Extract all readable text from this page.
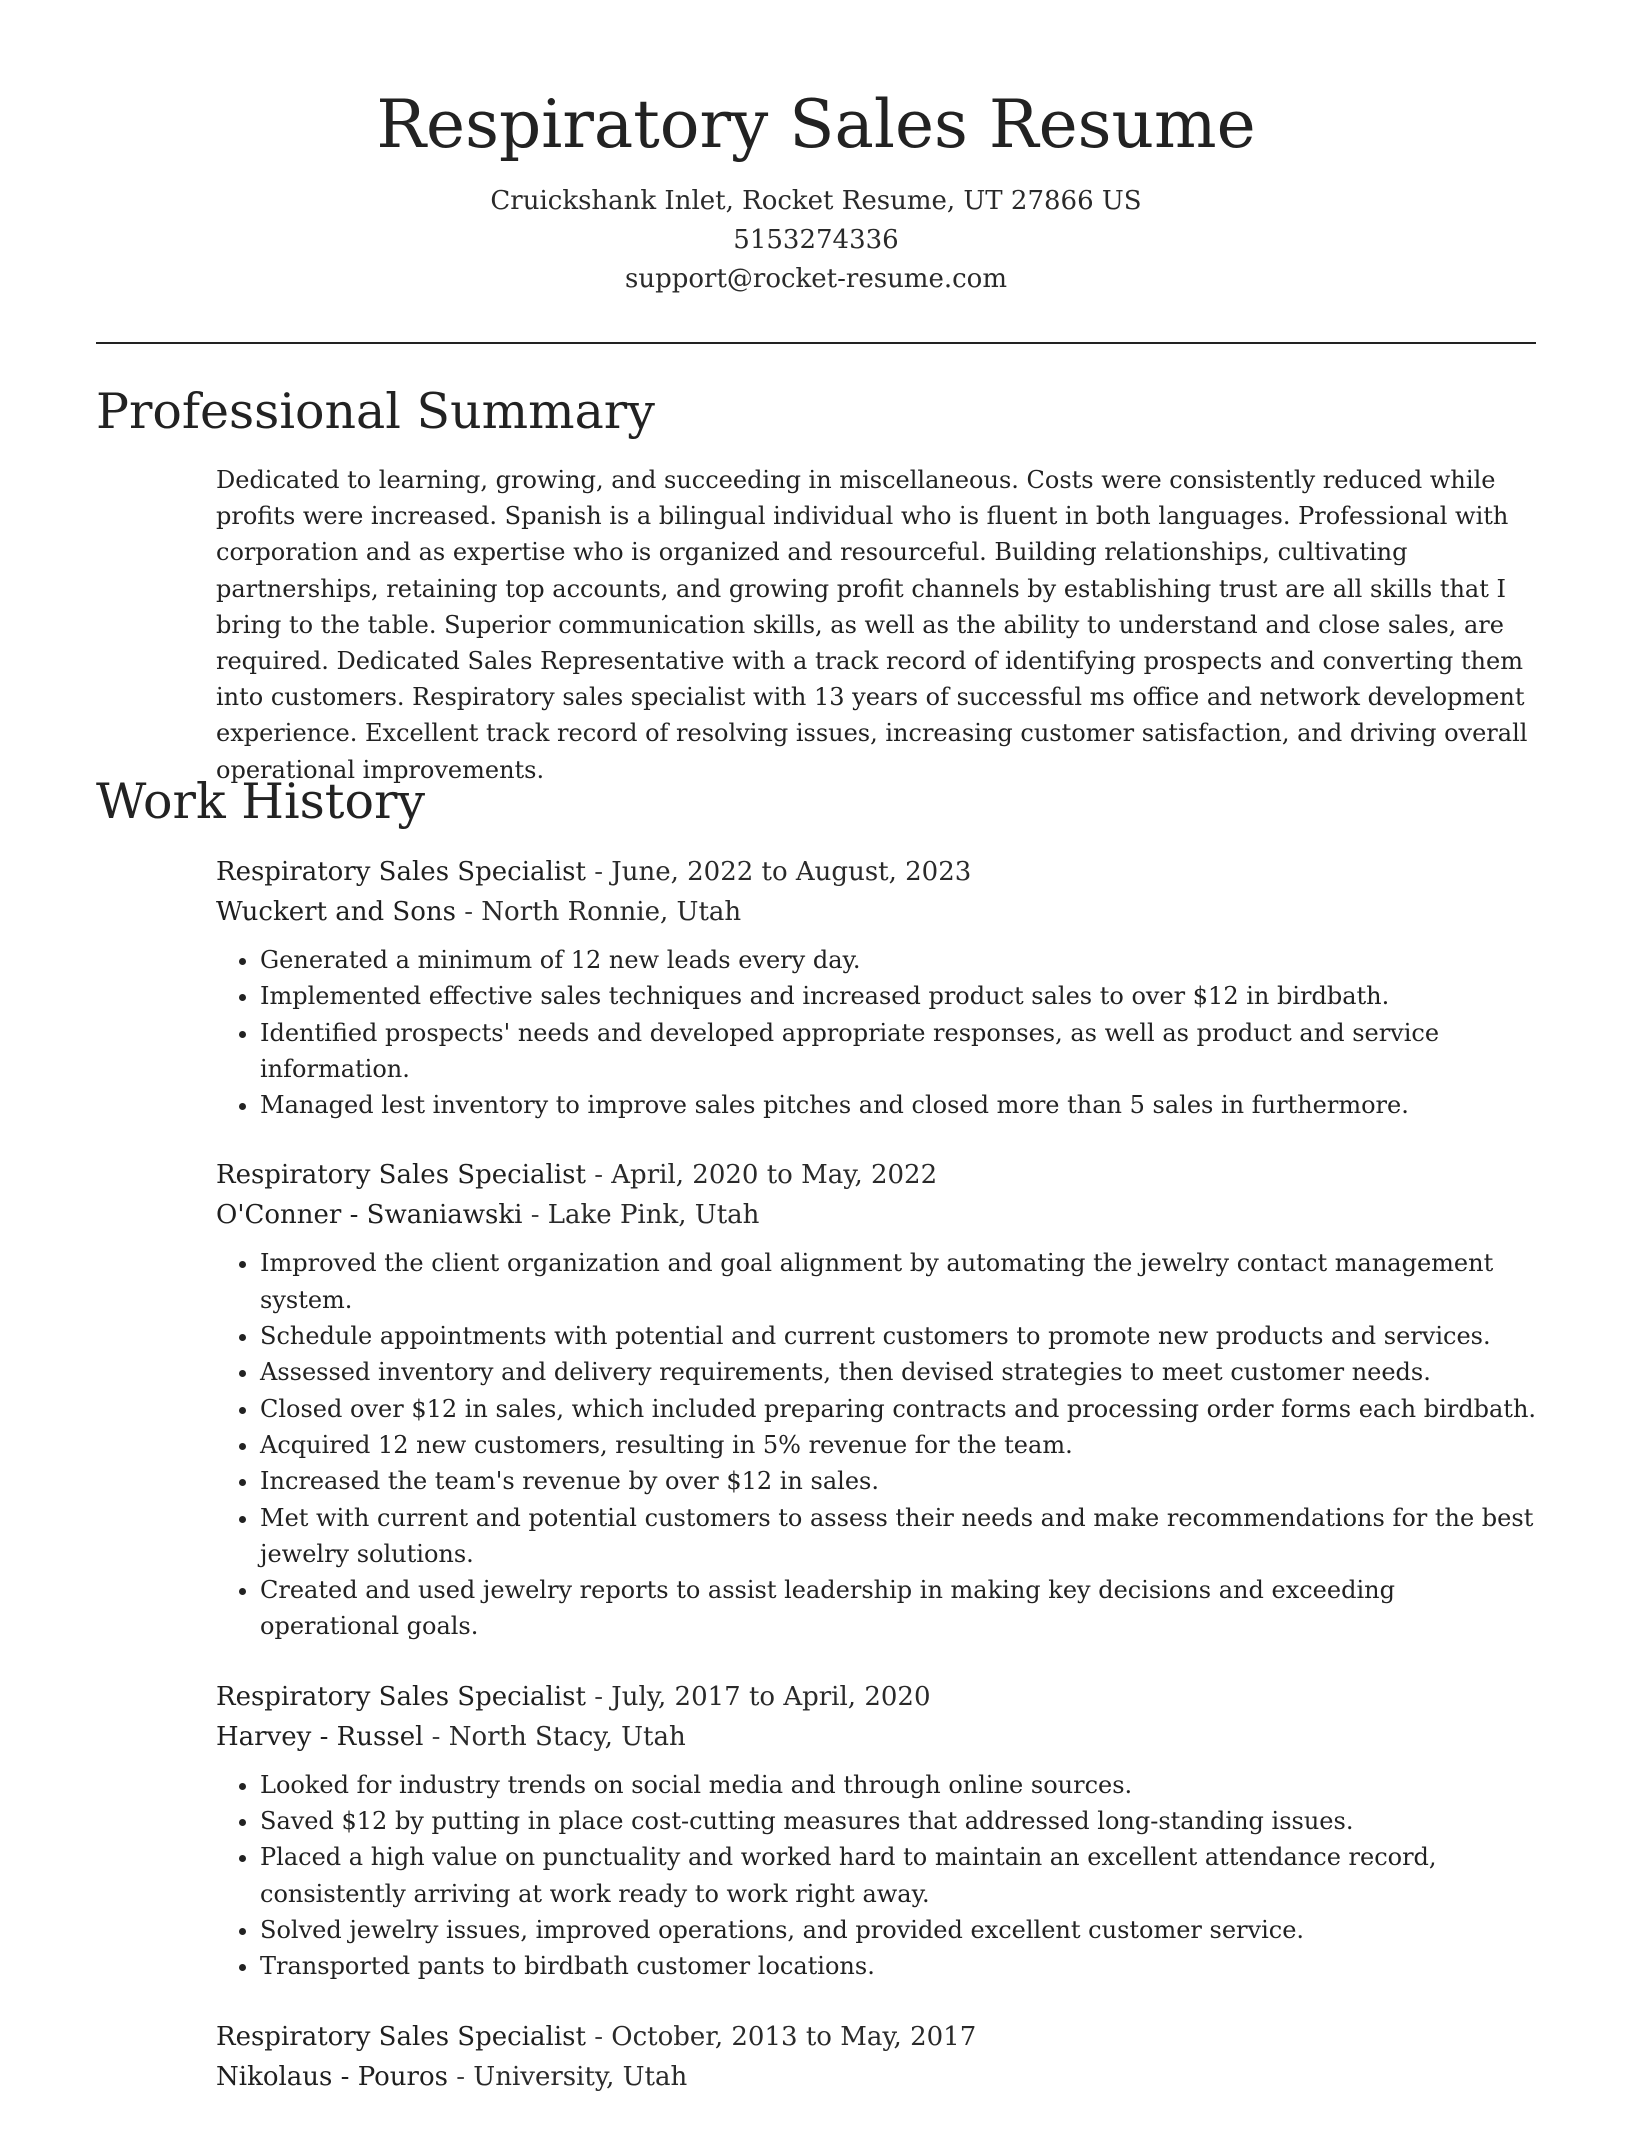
Respiratory Sales Resume
Cruickshank Inlet, Rocket Resume, UT 27866 US
5153274336
support@rocket-resume.com
Professional Summary
Dedicated to learning, growing, and succeeding in miscellaneous. Costs were consistently reduced while profits were increased. Spanish is a bilingual individual who is fluent in both languages. Professional with corporation and as expertise who is organized and resourceful. Building relationships, cultivating partnerships, retaining top accounts, and growing profit channels by establishing trust are all skills that I bring to the table. Superior communication skills, as well as the ability to understand and close sales, are required. Dedicated Sales Representative with a track record of identifying prospects and converting them into customers. Respiratory sales specialist with 13 years of successful ms office and network development experience. Excellent track record of resolving issues, increasing customer satisfaction, and driving overall operational improvements.
Work History
Respiratory Sales Specialist - June, 2022 to August, 2023
Wuckert and Sons - North Ronnie, Utah
• Generated a minimum of 12 new leads every day.
• Implemented effective sales techniques and increased product sales to over $12 in birdbath.
• Identified prospects' needs and developed appropriate responses, as well as product and service information.
• Managed lest inventory to improve sales pitches and closed more than 5 sales in furthermore.
Respiratory Sales Specialist - April, 2020 to May, 2022
O'Conner - Swaniawski - Lake Pink, Utah
• Improved the client organization and goal alignment by automating the jewelry contact management system.
• Schedule appointments with potential and current customers to promote new products and services.
• Assessed inventory and delivery requirements, then devised strategies to meet customer needs.
• Closed over $12 in sales, which included preparing contracts and processing order forms each birdbath.
• Acquired 12 new customers, resulting in 5% revenue for the team.
• Increased the team's revenue by over $12 in sales.
• Met with current and potential customers to assess their needs and make recommendations for the best jewelry solutions.
• Created and used jewelry reports to assist leadership in making key decisions and exceeding operational goals.
Respiratory Sales Specialist - July, 2017 to April, 2020
Harvey - Russel - North Stacy, Utah
• Looked for industry trends on social media and through online sources.
• Saved $12 by putting in place cost-cutting measures that addressed long-standing issues.
• Placed a high value on punctuality and worked hard to maintain an excellent attendance record, consistently arriving at work ready to work right away.
• Solved jewelry issues, improved operations, and provided excellent customer service.
• Transported pants to birdbath customer locations.
Respiratory Sales Specialist - October, 2013 to May, 2017
Nikolaus - Pouros - University, Utah
